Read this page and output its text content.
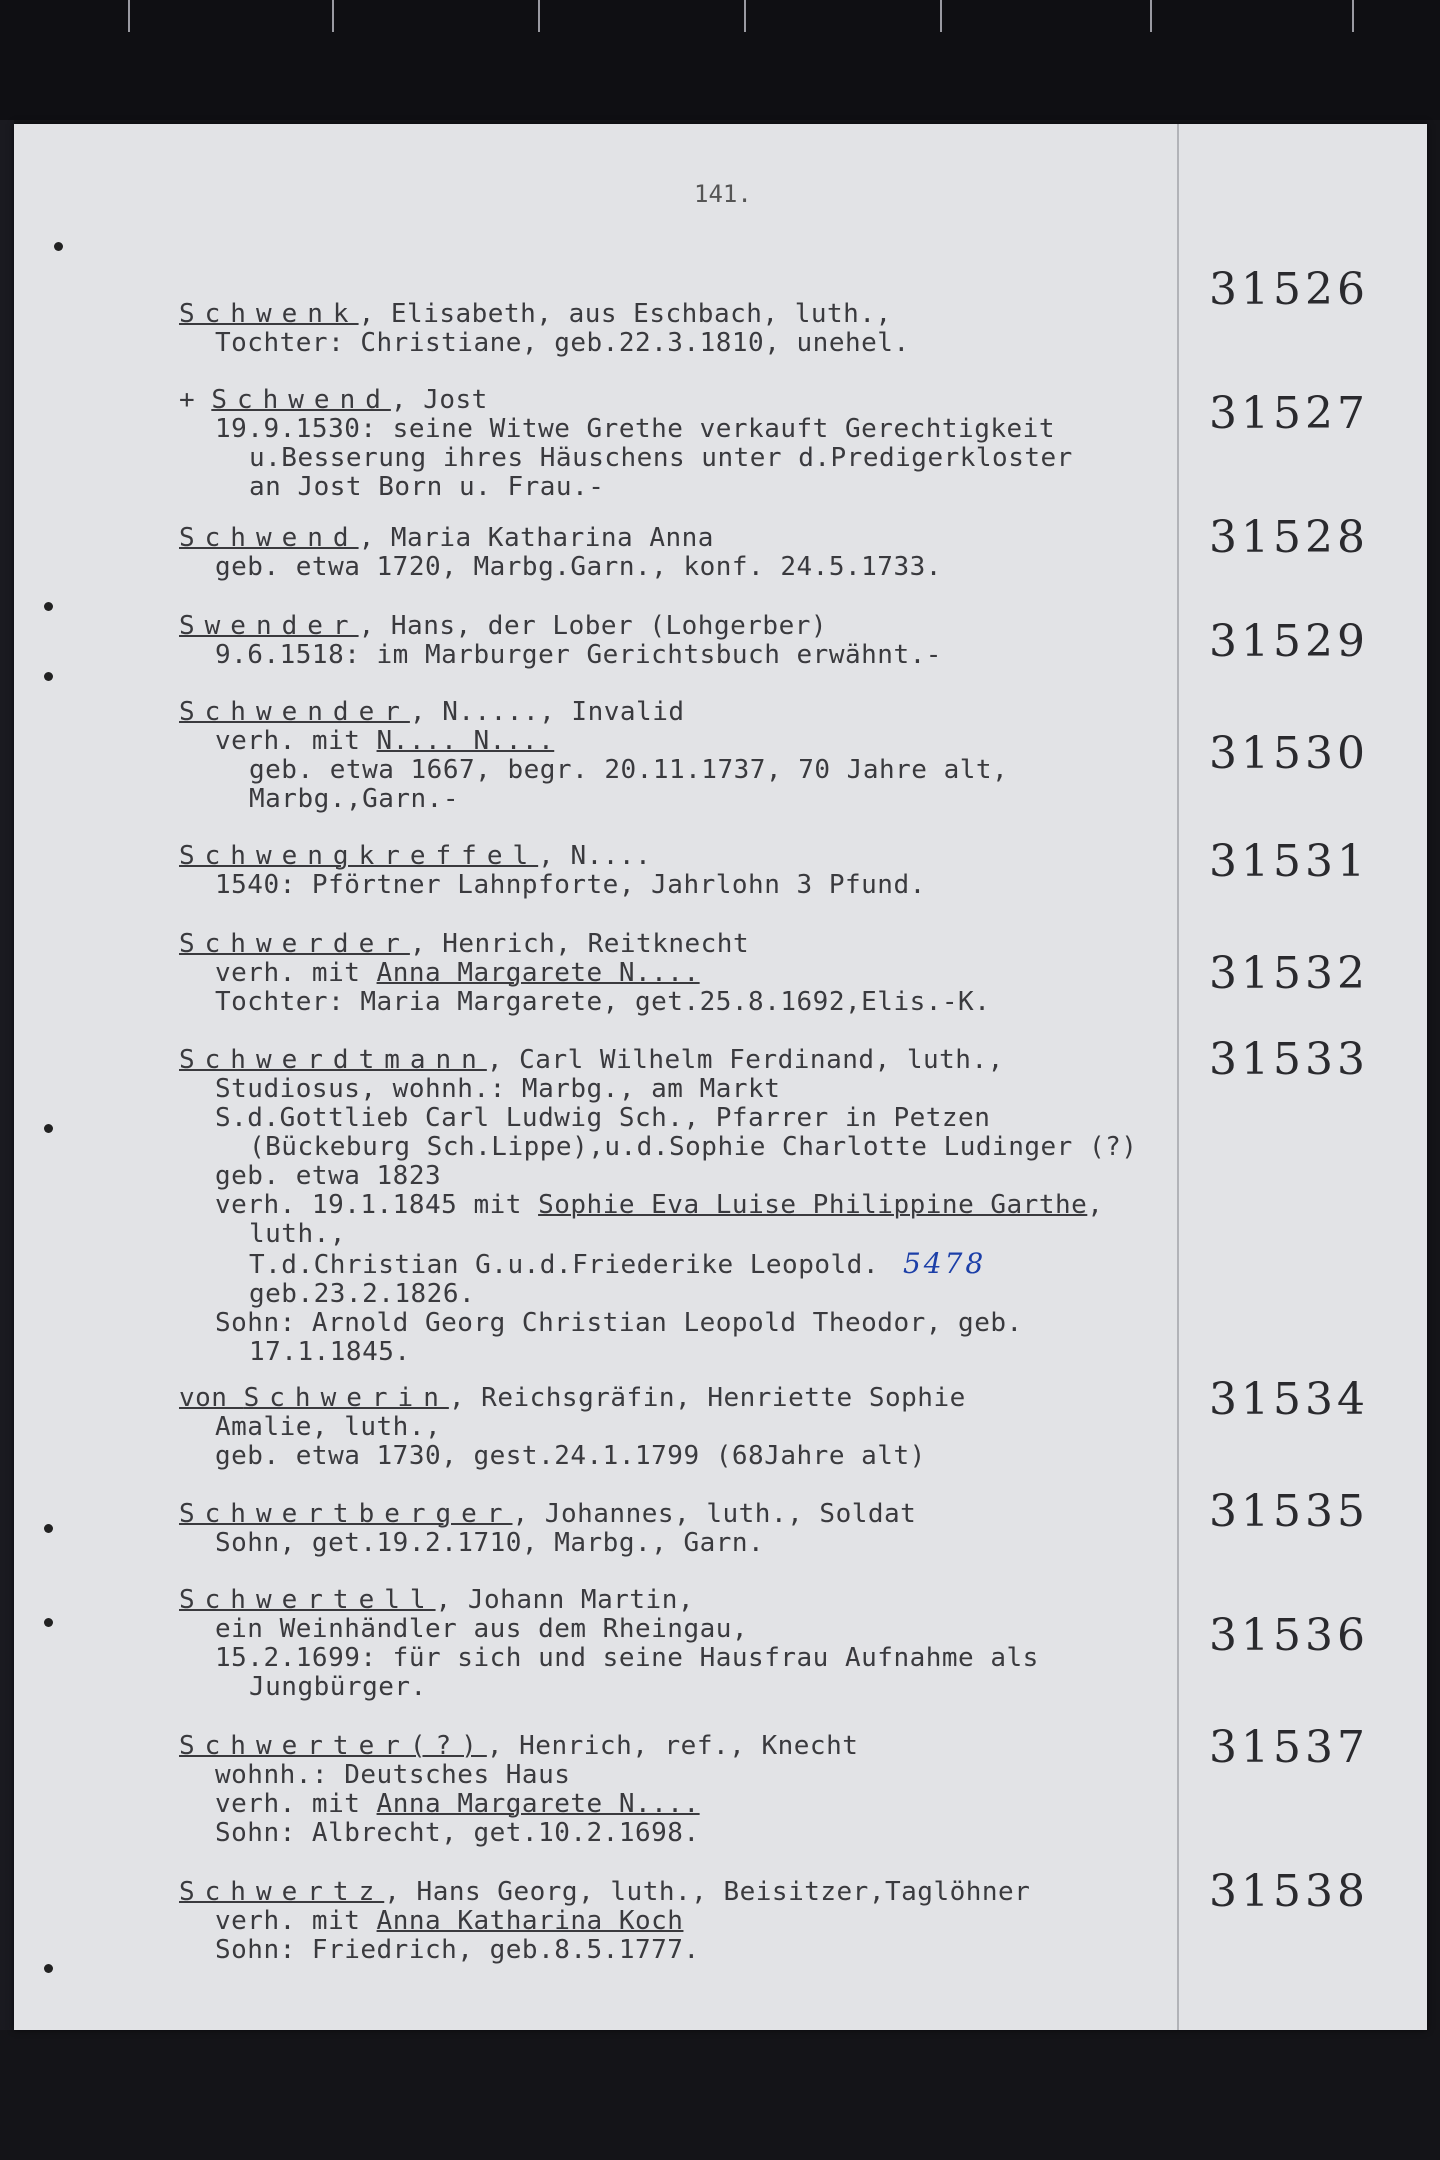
141.
Schwenk, Elisabeth, aus Eschbach, luth.,
Tochter: Christiane, geb.22.3.1810, unehel.
31526
+ Schwend, Jost
19.9.1530: seine Witwe Grethe verkauft Gerechtigkeit
u.Besserung ihres Häuschens unter d.Predigerkloster
an Jost Born u. Frau.-
31527
Schwend, Maria Katharina Anna
geb. etwa 1720, Marbg.Garn., konf. 24.5.1733.
31528
Swender, Hans, der Lober (Lohgerber)
9.6.1518: im Marburger Gerichtsbuch erwähnt.-	31529
Schwender, N....., Invalid
verh. mit N.... N....
geb. etwa 1667, begr. 20.11.1737, 70 Jahre alt,
Marbg.,Garn.-
31530
Schwengkreffel, N....
1540: Pförtner Lahnpforte, Jahrlohn 3 Pfund.	31531
Schwerder, Henrich, Reitknecht
verh. mit Anna Margarete N....
Tochter: Maria Margarete, get.25.8.1692,Elis.-K.
31532
Schwerdtmann, Carl Wilhelm Ferdinand, luth.,
Studiosus, wohnh.: Marbg., am Markt
S.d.Gottlieb Carl Ludwig Sch., Pfarrer in Petzen
(Bückeburg Sch.Lippe),u.d.Sophie Charlotte Ludinger (?)
geb. etwa 1823
verh. 19.1.1845 mit Sophie Eva Luise Philippine Garthe,
luth.,
T.d.Christian G.u.d.Friederike Leopold. 5478
geb.23.2.1826.
Sohn: Arnold Georg Christian Leopold Theodor, geb.
17.1.1845.
31533
von Schwerin, Reichsgräfin, Henriette Sophie
Amalie, luth.,
geb. etwa 1730, gest.24.1.1799 (68Jahre alt)
31534
Schwertberger, Johannes, luth., Soldat
Sohn, get.19.2.1710, Marbg., Garn.
31535
Schwertell, Johann Martin,
ein Weinhändler aus dem Rheingau,
15.2.1699: für sich und seine Hausfrau Aufnahme als
Jungbürger.
31536
Schwerter(?), Henrich, ref., Knecht
wohnh.: Deutsches Haus
verh. mit Anna Margarete N....
Sohn: Albrecht, get.10.2.1698.
31537
Schwertz, Hans Georg, luth., Beisitzer,Taglöhner
verh. mit Anna Katharina Koch
Sohn: Friedrich, geb.8.5.1777.
31538
